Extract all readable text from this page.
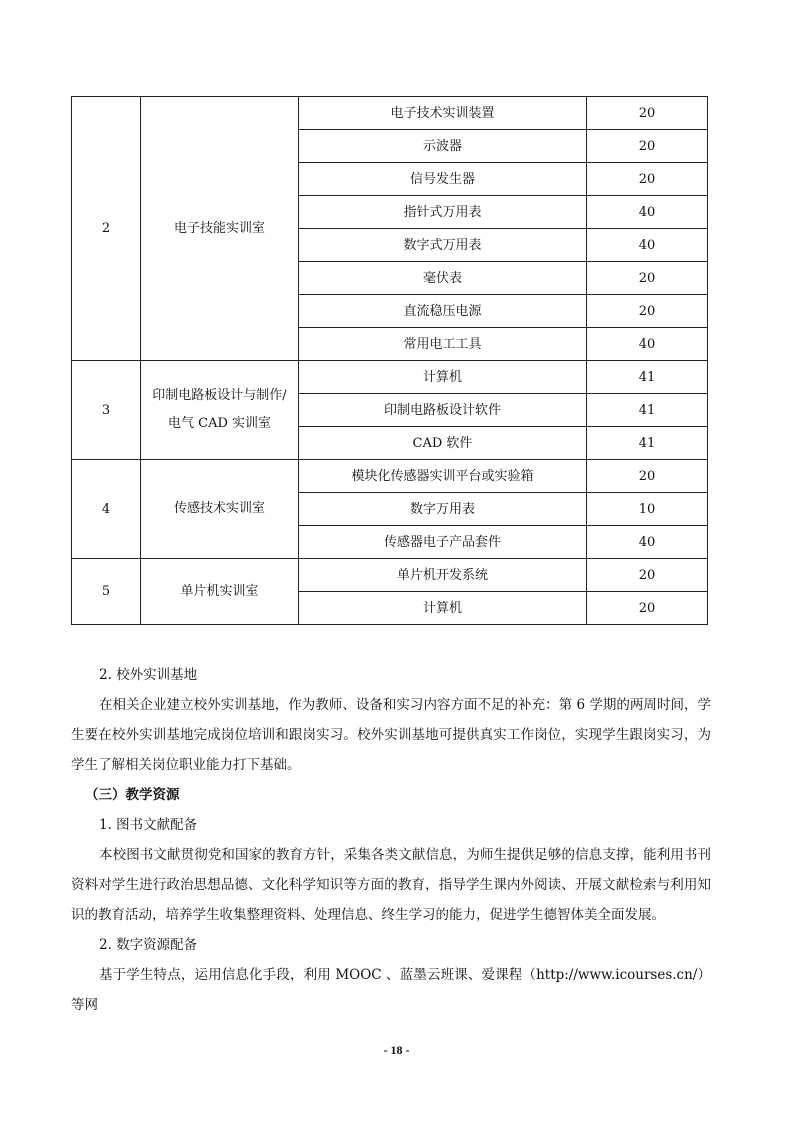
2	电子技能实训室	电子技术实训装置	20
		示波器	20
		信号发生器	20
		指针式万用表	40
		数字式万用表	40
		毫伏表	20
		直流稳压电源	20
		常用电工工具	40
3	印制电路板设计与制作/电气 CAD 实训室	计算机	41
		印制电路板设计软件	41
		CAD 软件	41
4	传感技术实训室	模块化传感器实训平台或实验箱	20
		数字万用表	10
		传感器电子产品套件	40
5	单片机实训室	单片机开发系统	20
		计算机	20

2. 校外实训基地

在相关企业建立校外实训基地，作为教师、设备和实习内容方面不足的补充：第 6 学期的两周时间，学生要在校外实训基地完成岗位培训和跟岗实习。校外实训基地可提供真实工作岗位，实现学生跟岗实习，为学生了解相关岗位职业能力打下基础。

（三）教学资源

1. 图书文献配备

本校图书文献贯彻党和国家的教育方针，采集各类文献信息，为师生提供足够的信息支撑，能利用书刊资料对学生进行政治思想品德、文化科学知识等方面的教育，指导学生课内外阅读、开展文献检索与利用知识的教育活动，培养学生收集整理资料、处理信息、终生学习的能力，促进学生德智体美全面发展。

2. 数字资源配备

基于学生特点，运用信息化手段，利用 MOOC 、蓝墨云班课、爱课程（http://www.icourses.cn/）等网

- 18 -
